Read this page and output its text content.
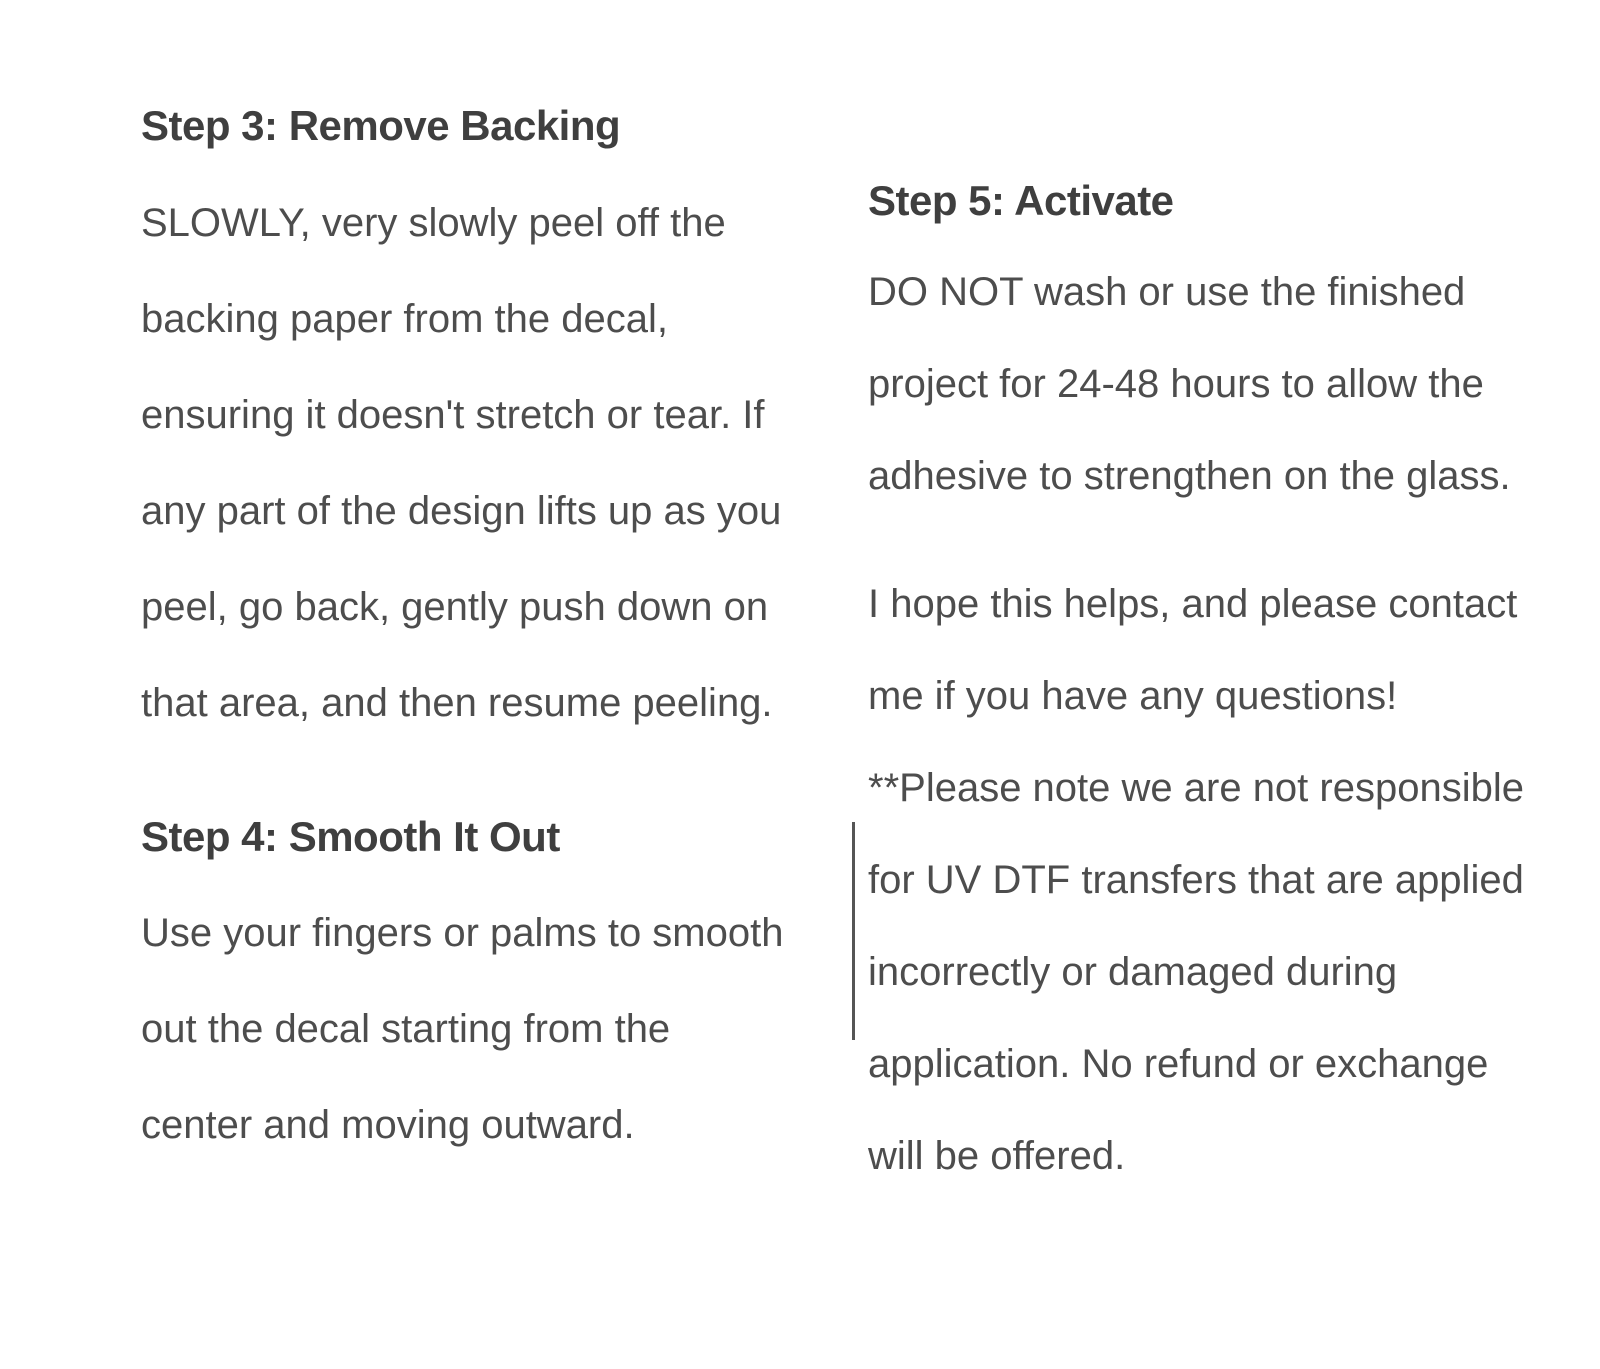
Step 3: Remove Backing

SLOWLY, very slowly peel off the
backing paper from the decal,
ensuring it doesn't stretch or tear. If
any part of the design lifts up as you
peel, go back, gently push down on
that area, and then resume peeling.

Step 4: Smooth It Out

Use your fingers or palms to smooth
out the decal starting from the
center and moving outward.

Step 5: Activate

DO NOT wash or use the finished
project for 24-48 hours to allow the
adhesive to strengthen on the glass.

I hope this helps, and please contact
me if you have any questions!
**Please note we are not responsible
for UV DTF transfers that are applied
incorrectly or damaged during
application. No refund or exchange
will be offered.
